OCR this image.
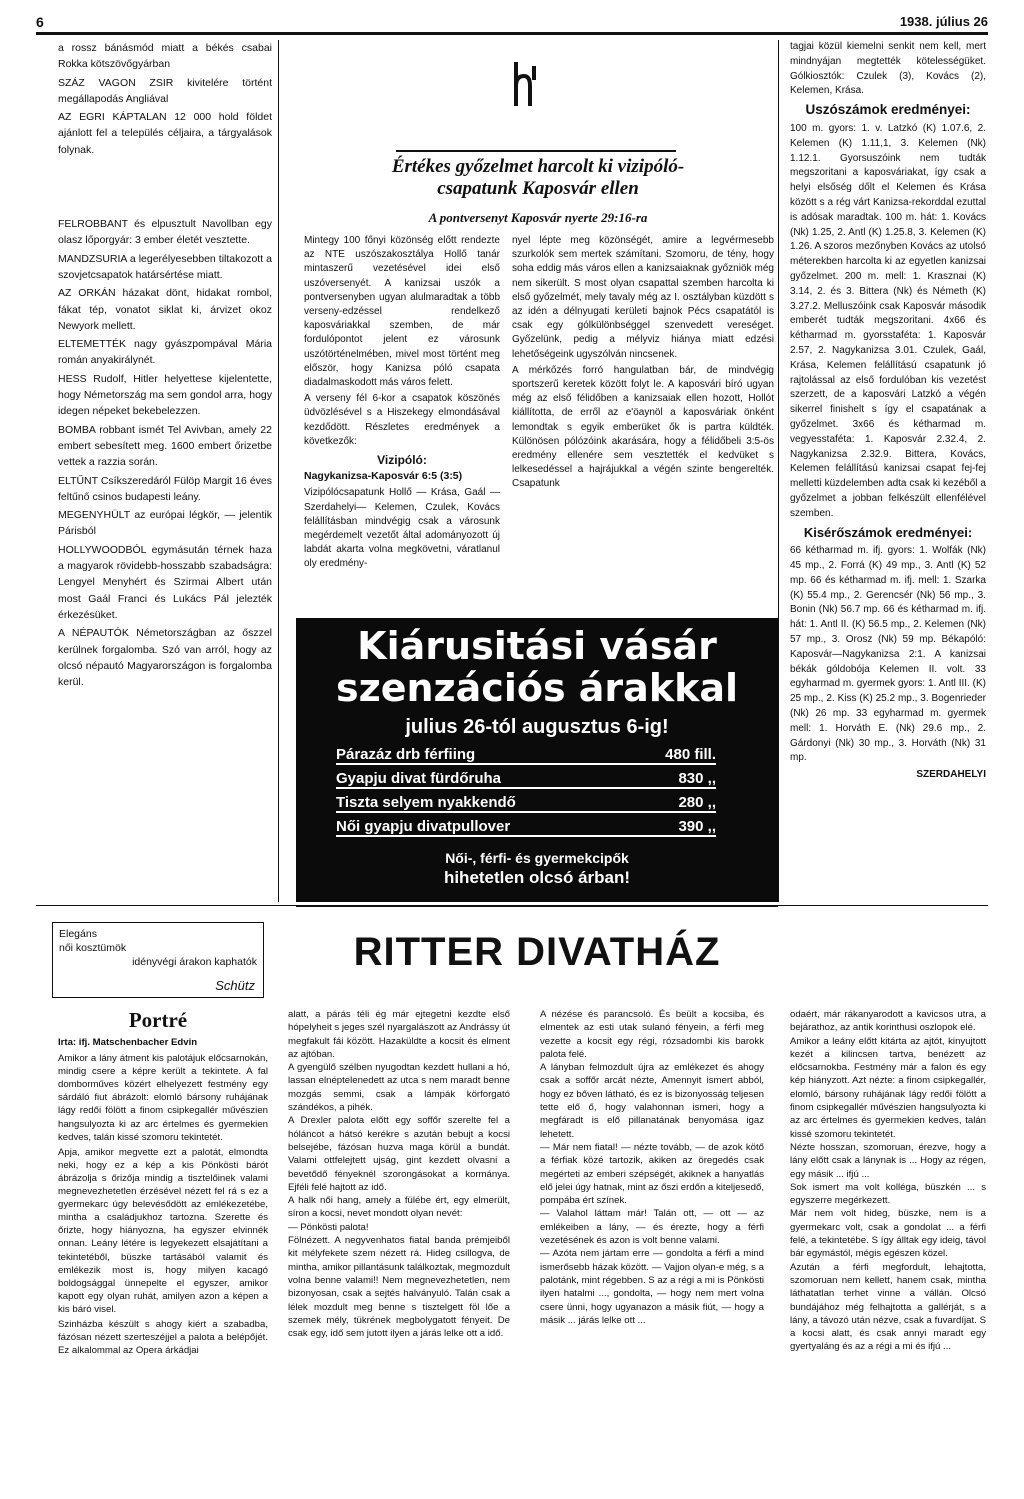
6	1938. július 26

a rossz bánásmód miatt a békés csabai Rokka kötszövőgyárban

SZÁZ VAGON ZSIR kivitelére történt megállapodás Angliával

AZ EGRI KÁPTALAN 12 000 hold földet ajánlott fel a település céljaira, a tárgyalások folynak.

FELROBBANT és elpusztult Navollban egy olasz lőporgyár: 3 ember életét vesztette.

MANDZSURIA a legerélyesebben tiltakozott a szovjetcsapatok határsértése miatt.

AZ ORKÁN házakat dönt, hidakat rombol, fákat tép, vonatot siklat ki, árvizet okoz Newyork mellett.

ELTEMETTÉK nagy gyászpompával Mária román anyakirálynét.

HESS Rudolf, Hitler helyettese kijelentette, hogy Németország ma sem gondol arra, hogy idegen népeket bekebelezzen.

BOMBA robbant ismét Tel Avivban, amely 22 embert sebesített meg. 1600 embert őrizetbe vettek a razzia során.

ELTŰNT Csíkszeredáról Fülöp Margit 16 éves feltűnő csinos budapesti leány.

MEGENYHÜLT az európai légkör, — jelentik Párisból

HOLLYWOODBÓL egymásután térnek haza a magyarok rövidebb-hosszabb szabadságra: Lengyel Menyhért és Szirmai Albert után most Gaál Franci és Lukács Pál jelezték érkezésüket.

A NÉPAUTÓK Németországban az őszzel kerülnek forgalomba. Szó van arról, hogy az olcsó népautó Magyarországon is forgalomba kerül.

Elegáns
női kosztümök
idényvégi árakon kaphatók
Schütz
Értékes győzelmet harcolt ki vizipóló-
csapatunk Kaposvár ellen
A pontversenyt Kaposvár nyerte 29:16-ra

Mintegy 100 főnyi közönség előtt rendezte az NTE uszószakosztálya Hollő tanár mintaszerű vezetésével idei első uszóversenyét. A kanizsai uszók a pontversenyben ugyan alulmaradtak a több verseny-edzéssel rendelkező kaposváriakkal szemben, de már fordulópontot jelent ez városunk uszótörténelmében, mivel most történt meg először, hogy Kanizsa póló csapata diadalmaskodott más város felett.

A verseny fél 6-kor a csapatok köszönés üdvözlésével s a Hiszekegy elmondásával kezdődött. Részletes eredmények a következők:

Vizipóló:
Nagykanizsa-Kaposvár 6:5 (3:5)

Vizipólócsapatunk Hollő — Krása, Gaál — Szerdahelyi— Kelemen, Czulek, Kovács felállításban mindvégig csak a városunk megérdemelt vezetőt által adományozott új labdát akarta volna megkövetni, váratlanul oly eredmény-

nyel lépte meg közönségét, amire a legvérmesebb szurkolók sem mertek számítani. Szomoru, de tény, hogy soha eddig más város ellen a kanizsaiaknak győzniök még nem sikerült. S most olyan csapattal szemben harcolta ki első győzelmét, mely tavaly még az I. osztályban küzdött s az idén a délnyugati kerületi bajnok Pécs csapatától is csak egy gólkülönbséggel szenvedett vereséget. Győzelünk, pedig a mélyviz hiánya miatt edzési lehetőségeink ugyszólván nincsenek.

A mérkőzés forró hangulatban bár, de mindvégig sportszerű keretek között folyt le. A kaposvári bíró ugyan még az első félidőben a kanizsaiak ellen hozott, Hollót kiállította, de erről az e'öaynöl a kaposváriak önként lemondtak s egyik emberüket ők is partra küldték. Különösen pólózóink akarására, hogy a félidőbeli 3:5-ös eredmény ellenére sem vesztették el kedvüket s lelkesedéssel a hajrájukkal a végén szinte bengerelték. Csapatunk

tagjai közül kiemelni senkit nem kell, mert mindnyájan megtették kötelességüket. Gólkiosztók: Czulek (3), Kovács (2), Kelemen, Krása.

Uszószámok eredményei:

100 m. gyors: 1. v. Latzkó (K) 1.07.6, 2. Kelemen (K) 1.11,1, 3. Kelemen (Nk) 1.12.1. Gyorsuszóink nem tudták megszoritani a kaposváriakat, így csak a helyi elsőség dőlt el Kelemen és Krása között s a rég várt Kanizsa-rekorddal ezuttal is adósak maradtak. 100 m. hát: 1. Kovács (Nk) 1.25, 2. Antl (K) 1.25.8, 3. Kelemen (K) 1.26. A szoros mezőnyben Kovács az utolsó méterekben harcolta ki az egyetlen kanizsai győzelmet. 200 m. mell: 1. Krasznai (K) 3.14, 2. és 3. Bittera (Nk) és Németh (K) 3.27.2. Melluszóink csak Kaposvár második emberét tudták megszoritani. 4x66 és kétharmad m. gyorsstaféta: 1. Kaposvár 2.57, 2. Nagykanizsa 3.01. Czulek, Gaál, Krása, Kelemen felállítású csapatunk jó rajtolással az első fordulóban kis vezetést szerzett, de a kaposvári Latzkó a végén sikerrel finishelt s így el csapatának a győzelmet. 3x66 és kétharmad m. vegyesstaféta: 1. Kaposvár 2.32.4, 2. Nagykanizsa 2.32.9. Bittera, Kovács, Kelemen felállítású kanizsai csapat fej-fej melletti küzdelemben adta csak ki kezéből a győzelmet a jobban felkészült ellenfélével szemben.

Kisérőszámok eredményei:

66 kétharmad m. ifj. gyors: 1. Wolfák (Nk) 45 mp., 2. Forrá (K) 49 mp., 3. Antl (K) 52 mp. 66 és kétharmad m. ifj. mell: 1. Szarka (K) 55.4 mp., 2. Gerencsér (Nk) 56 mp., 3. Bonin (Nk) 56.7 mp. 66 és kétharmad m. ifj. hát: 1. Antl II. (K) 56.5 mp., 2. Kelemen (Nk) 57 mp., 3. Orosz (Nk) 59 mp. Békapóló: Kaposvár—Nagykanizsa 2:1. A kanizsai békák góldobója Kelemen II. volt. 33 egyharmad m. gyermek gyors: 1. Antl III. (K) 25 mp., 2. Kiss (K) 25.2 mp., 3. Bogenrieder (Nk) 26 mp. 33 egyharmad m. gyermek mell: 1. Horváth E. (Nk) 29.6 mp., 2. Gárdonyi (Nk) 30 mp., 3. Horváth (Nk) 31 mp.

SZERDAHELYI
Kiárusitási vásár
szenzációs árakkal
julius 26-tól augusztus 6-ig!
Párazáz drb férfiing	480 fill.
Gyapju divat fürdőruha	830 ,,
Tiszta selyem nyakkendő	280 ,,
Női gyapju divatpullover	390 ,,
Női-, férfi- és gyermekcipők
hihetetlen olcsó árban!
RITTER DIVATHÁZ
Portré
Irta: ifj. Matschenbacher Edvin

Amikor a lány átment kis palotájuk előcsarnokán, mindig csere a képre került a tekintete. A fal domborműves közért elhelyezett festmény egy sárdáló fiut ábrázolt: elomló bársony ruhájának lágy redői fölött a finom csipkegallér művészien hangsulyozta ki az arc értelmes és gyermekien kedves, talán kissé szomoru tekintetét.

Apja, amikor megvette ezt a palotát, elmondta neki, hogy ez a kép a kis Pönkösti bárót ábrázolja s őrizőja mindig a tisztelőinek valami megnevezhetetlen érzésével nézett fel rá s ez a gyermekarc úgy belevésődött az emlékezetébe, mintha a családjukhoz tartozna. Szerette és őrizte, hogy hiányozna, ha egyszer elvinnék onnan. Leány létére is legyekezett elsajátítani a tekintetéből, büszke tartásából valamit és emlékezik most is, hogy milyen kacagó boldogsággal ünnepelte el egyszer, amikor kapott egy olyan ruhát, amilyen azon a képen a kis báró visel.

Szinházba készült s ahogy kiért a szabadba, fázósan nézett szerteszéjjel a palota a belépőjét. Ez alkalommal az Opera árkádjai

alatt, a párás téli ég már ejtegetni kezdte első hópelyheit s jeges szél nyargalászott az Andrássy út megfakult fái között. Hazaküldte a kocsit és elment az ajtóban.
A gyengülő szélben nyugodtan kezdett hullani a hó, lassan elnéptelenedett az utca s nem maradt benne mozgás semmi, csak a lámpák körforgató szándékos, a pihék.
A Drexler palota előtt egy soffőr szerelte fel a hóláncot a hátsó kerékre s azután bebujt a kocsi belsejébe, fázósan huzva maga körül a bundát. Valami ottfelejtett ujság, gint kezdett olvasni a bevetődő fényeknél szorongásokat a kormánya. Ejféli felé hajtott az idő.
A halk női hang, amely a fülébe ért, egy elmerült, síron a kocsi, nevet mondott olyan nevét:
— Pönkösti palota!
Fölnézett. A negyvenhatos fiatal banda prémjeiből kit mélyfekete szem nézett rá. Hideg csillogva, de mintha, amikor pillantásunk találkoztak, megmozdult volna benne valami!! Nem megnevezhetetlen, nem bizonyosan, csak a sejtés halványuló. Talán csak a lélek mozdult meg benne s tisztelgett föl lőe a szemek mély, tükrének megbolygatott fényeit. De csak egy, idő sem jutott ilyen a járás lelke ott a idő.
A nézése és parancsoló. És beült a kocsiba, és elmentek az esti utak sulanó fényein, a férfi meg vezette a kocsit egy régi, rózsadombi kis barokk palota felé.
A lányban felmozdult újra az emlékezet és ahogy csak a soffőr arcát nézte, Amennyit ismert abból, hogy ez bőven látható, és ez is bizonyosság teljesen tette elő ő, hogy valahonnan ismeri, hogy a megfáradt is elő pillanatának benyomása igaz lehetett.
— Már nem fiatal! — nézte tovább, — de azok kötő a férfiak közé tartozik, akiken az öregedés csak megérteti az emberi szépségét, akiknek a hanyatlás elő jelei úgy hatnak, mint az őszi erdőn a kiteljesedő, pompába ért színek.
— Valahol láttam már! Talán ott, — ott — az emlékeiben a lány, — és érezte, hogy a férfi vezetésének és azon is volt benne valami.
— Azóta nem jártam erre — gondolta a férfi a mind ismerősebb házak között. — Vajjon olyan-e még, s a palotánk, mint régebben. S az a régi a mi is Pönkösti ilyen hatalmi ..., gondolta, — hogy nem mert volna csere ünni, hogy ugyanazon a másik fiút, — hogy a másik ... járás lelke ott ...
odaért, már rákanyarodott a kavicsos utra, a bejárathoz, az antik korinthusi oszlopok elé.
Amikor a leány előtt kitárta az ajtót, kinyujtott kezét a kilincsen tartva, benézett az előcsarnokba. Festmény már a falon és egy kép hiányzott. Azt nézte: a finom csipkegallér, elomló, bársony ruhájának lágy redői fölött a finom csipkegallér művészien hangsulyozta ki az arc értelmes és gyermekien kedves, talán kissé szomoru tekintetét.
Nézte hosszan, szomoruan, érezve, hogy a lány előtt csak a lánynak is ... Hogy az régen, egy másik ... ifjú ...
Sok ismert ma volt kolléga, büszkén ... s egyszerre megérkezett.
Már nem volt hideg, büszke, nem is a gyermekarc volt, csak a gondolat ... a férfi felé, a tekintetébe. S így álltak egy ideig, távol bár egymástól, mégis egészen közel.
Azután a férfi megfordult, lehajtotta, szomoruan nem kellett, hanem csak, mintha láthatatlan terhet vinne a vállán. Olcsó bundájához még felhajtotta a gallérját, s a lány, a távozó után nézve, csak a fuvardíjat. S a kocsi alatt, és csak annyi maradt egy gyertyaláng és az a régi a mi és ifjú ...
